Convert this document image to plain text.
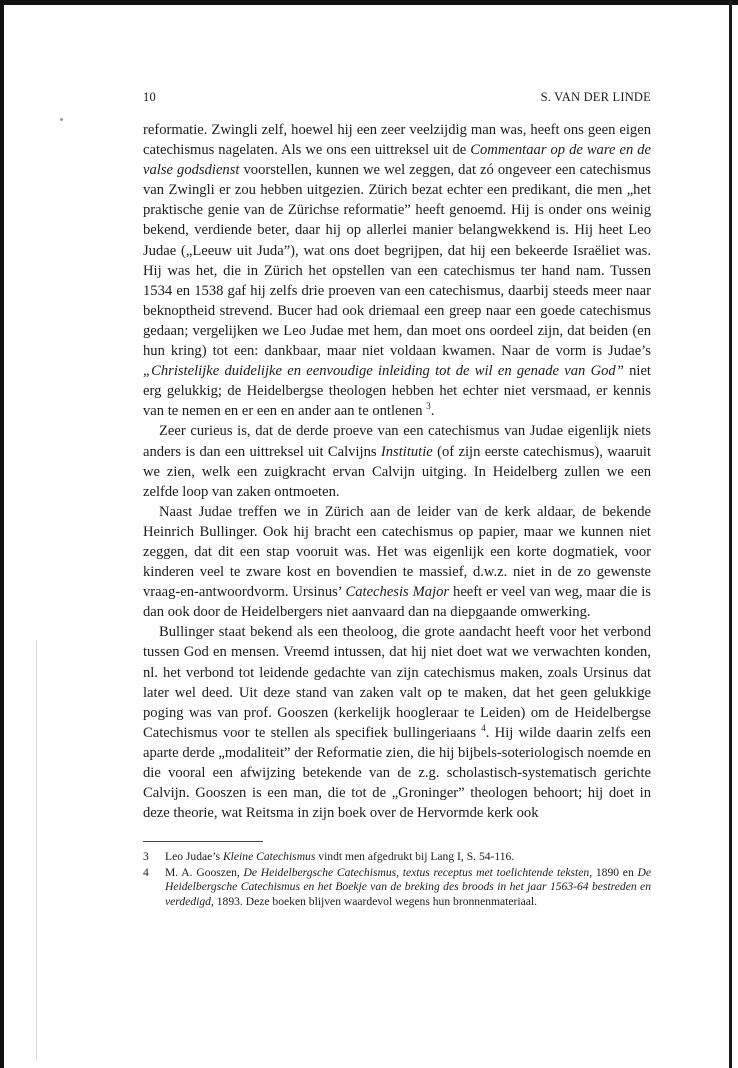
10	S. VAN DER LINDE

reformatie. Zwingli zelf, hoewel hij een zeer veelzijdig man was, heeft ons geen eigen catechismus nagelaten. Als we ons een uittreksel uit de Commentaar op de ware en de valse godsdienst voorstellen, kunnen we wel zeggen, dat zó ongeveer een catechismus van Zwingli er zou hebben uitgezien. Zürich bezat echter een predikant, die men „het praktische genie van de Zürichse reformatie” heeft genoemd. Hij is onder ons weinig bekend, verdiende beter, daar hij op allerlei manier belangwekkend is. Hij heet Leo Judae („Leeuw uit Juda”), wat ons doet begrijpen, dat hij een bekeerde Israëliet was. Hij was het, die in Zürich het opstellen van een catechismus ter hand nam. Tussen 1534 en 1538 gaf hij zelfs drie proeven van een catechismus, daarbij steeds meer naar beknoptheid strevend. Bucer had ook driemaal een greep naar een goede catechismus gedaan; vergelijken we Leo Judae met hem, dan moet ons oordeel zijn, dat beiden (en hun kring) tot een: dankbaar, maar niet voldaan kwamen. Naar de vorm is Judae’s „Christelijke duidelijke en eenvoudige inleiding tot de wil en genade van God” niet erg gelukkig; de Heidelbergse theologen hebben het echter niet versmaad, er kennis van te nemen en er een en ander aan te ontlenen $^3$.

Zeer curieus is, dat de derde proeve van een catechismus van Judae eigenlijk niets anders is dan een uittreksel uit Calvijns Institutie (of zijn eerste catechismus), waaruit we zien, welk een zuigkracht ervan Calvijn uitging. In Heidelberg zullen we een zelfde loop van zaken ontmoeten.

Naast Judae treffen we in Zürich aan de leider van de kerk aldaar, de bekende Heinrich Bullinger. Ook hij bracht een catechismus op papier, maar we kunnen niet zeggen, dat dit een stap vooruit was. Het was eigenlijk een korte dogmatiek, voor kinderen veel te zware kost en bovendien te massief, d.w.z. niet in de zo gewenste vraag-en-antwoordvorm. Ursinus’ Catechesis Major heeft er veel van weg, maar die is dan ook door de Heidelbergers niet aanvaard dan na diepgaande omwerking.

Bullinger staat bekend als een theoloog, die grote aandacht heeft voor het verbond tussen God en mensen. Vreemd intussen, dat hij niet doet wat we verwachten konden, nl. het verbond tot leidende gedachte van zijn catechismus maken, zoals Ursinus dat later wel deed. Uit deze stand van zaken valt op te maken, dat het geen gelukkige poging was van prof. Gooszen (kerkelijk hoogleraar te Leiden) om de Heidelbergse Catechismus voor te stellen als specifiek bullingeriaans $^4$. Hij wilde daarin zelfs een aparte derde „modaliteit” der Reformatie zien, die hij bijbels-soteriologisch noemde en die vooral een afwijzing betekende van de z.g. scholastisch-systematisch gerichte Calvijn. Gooszen is een man, die tot de „Groninger” theologen behoort; hij doet in deze theorie, wat Reitsma in zijn boek over de Hervormde kerk ook

3	Leo Judae’s Kleine Catechismus vindt men afgedrukt bij Lang I, S. 54-116.
4	M. A. Gooszen, De Heidelbergsche Catechismus, textus receptus met toelichtende teksten, 1890 en De Heidelbergsche Catechismus en het Boekje van de breking des broods in het jaar 1563-64 bestreden en verdedigd, 1893. Deze boeken blijven waardevol wegens hun bronnenmateriaal.
